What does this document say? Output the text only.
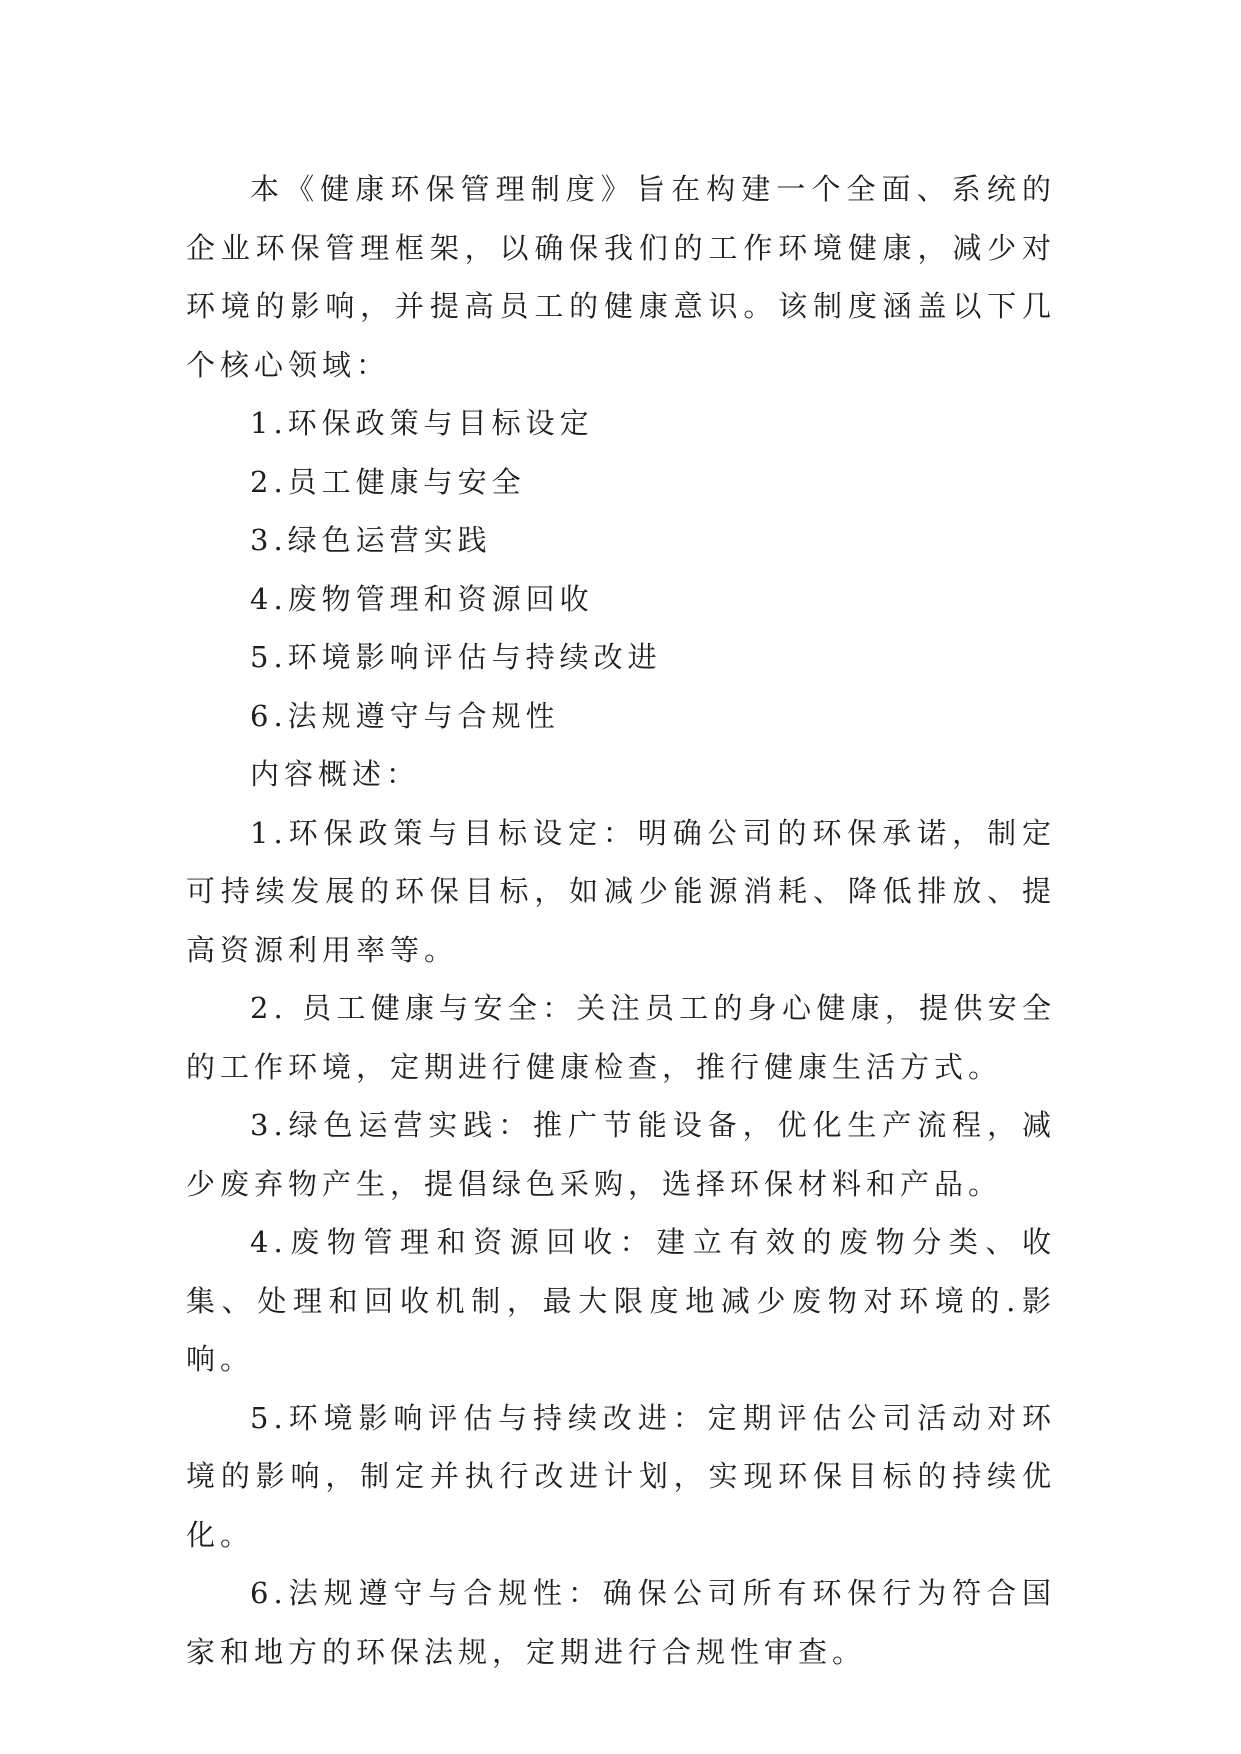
本《健康环保管理制度》旨在构建一个全面、系统的企业环保管理框架，以确保我们的工作环境健康，减少对环境的影响，并提高员工的健康意识。该制度涵盖以下几个核心领域：

1.环保政策与目标设定

2.员工健康与安全

3.绿色运营实践

4.废物管理和资源回收

5.环境影响评估与持续改进

6.法规遵守与合规性

内容概述：

1.环保政策与目标设定：明确公司的环保承诺，制定可持续发展的环保目标，如减少能源消耗、降低排放、提高资源利用率等。

2. 员工健康与安全：关注员工的身心健康，提供安全的工作环境，定期进行健康检查，推行健康生活方式。

3.绿色运营实践：推广节能设备，优化生产流程，减少废弃物产生，提倡绿色采购，选择环保材料和产品。

4.废物管理和资源回收：建立有效的废物分类、收集、处理和回收机制，最大限度地减少废物对环境的.影响。

5.环境影响评估与持续改进：定期评估公司活动对环境的影响，制定并执行改进计划，实现环保目标的持续优化。

6.法规遵守与合规性：确保公司所有环保行为符合国家和地方的环保法规，定期进行合规性审查。
